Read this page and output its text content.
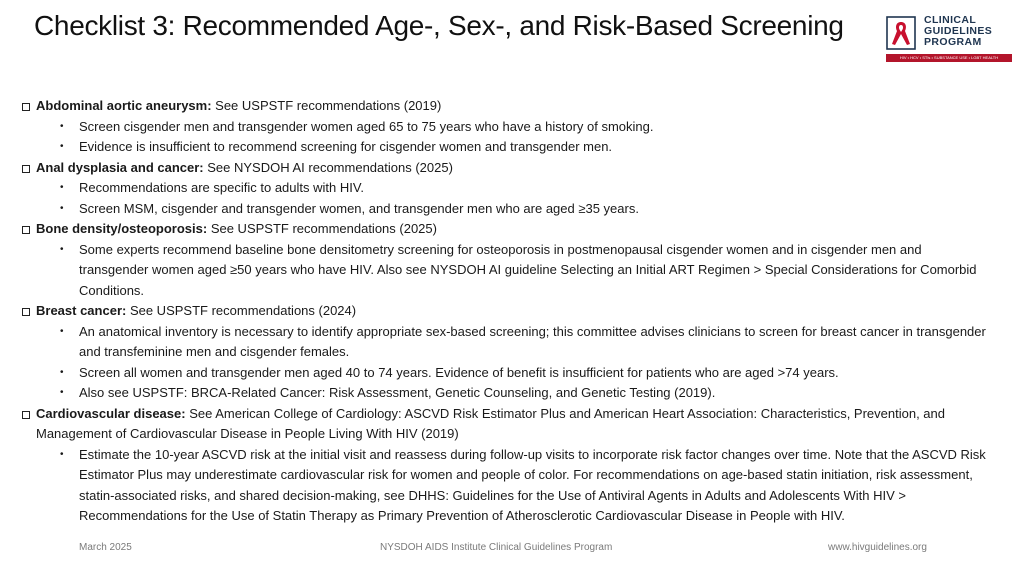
Checklist 3: Recommended Age-, Sex-, and Risk-Based Screening	CLINICAL
GUIDELINES
PROGRAM
HIV • HCV • STIs • SUBSTANCE USE • LGBT HEALTH
Abdominal aortic aneurysm: See USPSTF recommendations (2019)
• Screen cisgender men and transgender women aged 65 to 75 years who have a history of smoking.
• Evidence is insufficient to recommend screening for cisgender women and transgender men.
Anal dysplasia and cancer: See NYSDOH AI recommendations (2025)
• Recommendations are specific to adults with HIV.
• Screen MSM, cisgender and transgender women, and transgender men who are aged ≥35 years.
Bone density/osteoporosis: See USPSTF recommendations (2025)
• Some experts recommend baseline bone densitometry screening for osteoporosis in postmenopausal cisgender women and in cisgender men and transgender women aged ≥50 years who have HIV. Also see NYSDOH AI guideline Selecting an Initial ART Regimen > Special Considerations for Comorbid Conditions.
Breast cancer: See USPSTF recommendations (2024)
• An anatomical inventory is necessary to identify appropriate sex-based screening; this committee advises clinicians to screen for breast cancer in transgender and transfeminine men and cisgender females.
• Screen all women and transgender men aged 40 to 74 years. Evidence of benefit is insufficient for patients who are aged >74 years.
• Also see USPSTF: BRCA-Related Cancer: Risk Assessment, Genetic Counseling, and Genetic Testing (2019).
Cardiovascular disease: See American College of Cardiology: ASCVD Risk Estimator Plus and American Heart Association: Characteristics, Prevention, and Management of Cardiovascular Disease in People Living With HIV (2019)
• Estimate the 10-year ASCVD risk at the initial visit and reassess during follow-up visits to incorporate risk factor changes over time. Note that the ASCVD Risk Estimator Plus may underestimate cardiovascular risk for women and people of color. For recommendations on age-based statin initiation, risk assessment, statin-associated risks, and shared decision-making, see DHHS: Guidelines for the Use of Antiviral Agents in Adults and Adolescents With HIV > Recommendations for the Use of Statin Therapy as Primary Prevention of Atherosclerotic Cardiovascular Disease in People with HIV.
March 2025	NYSDOH AIDS Institute Clinical Guidelines Program	www.hivguidelines.org
